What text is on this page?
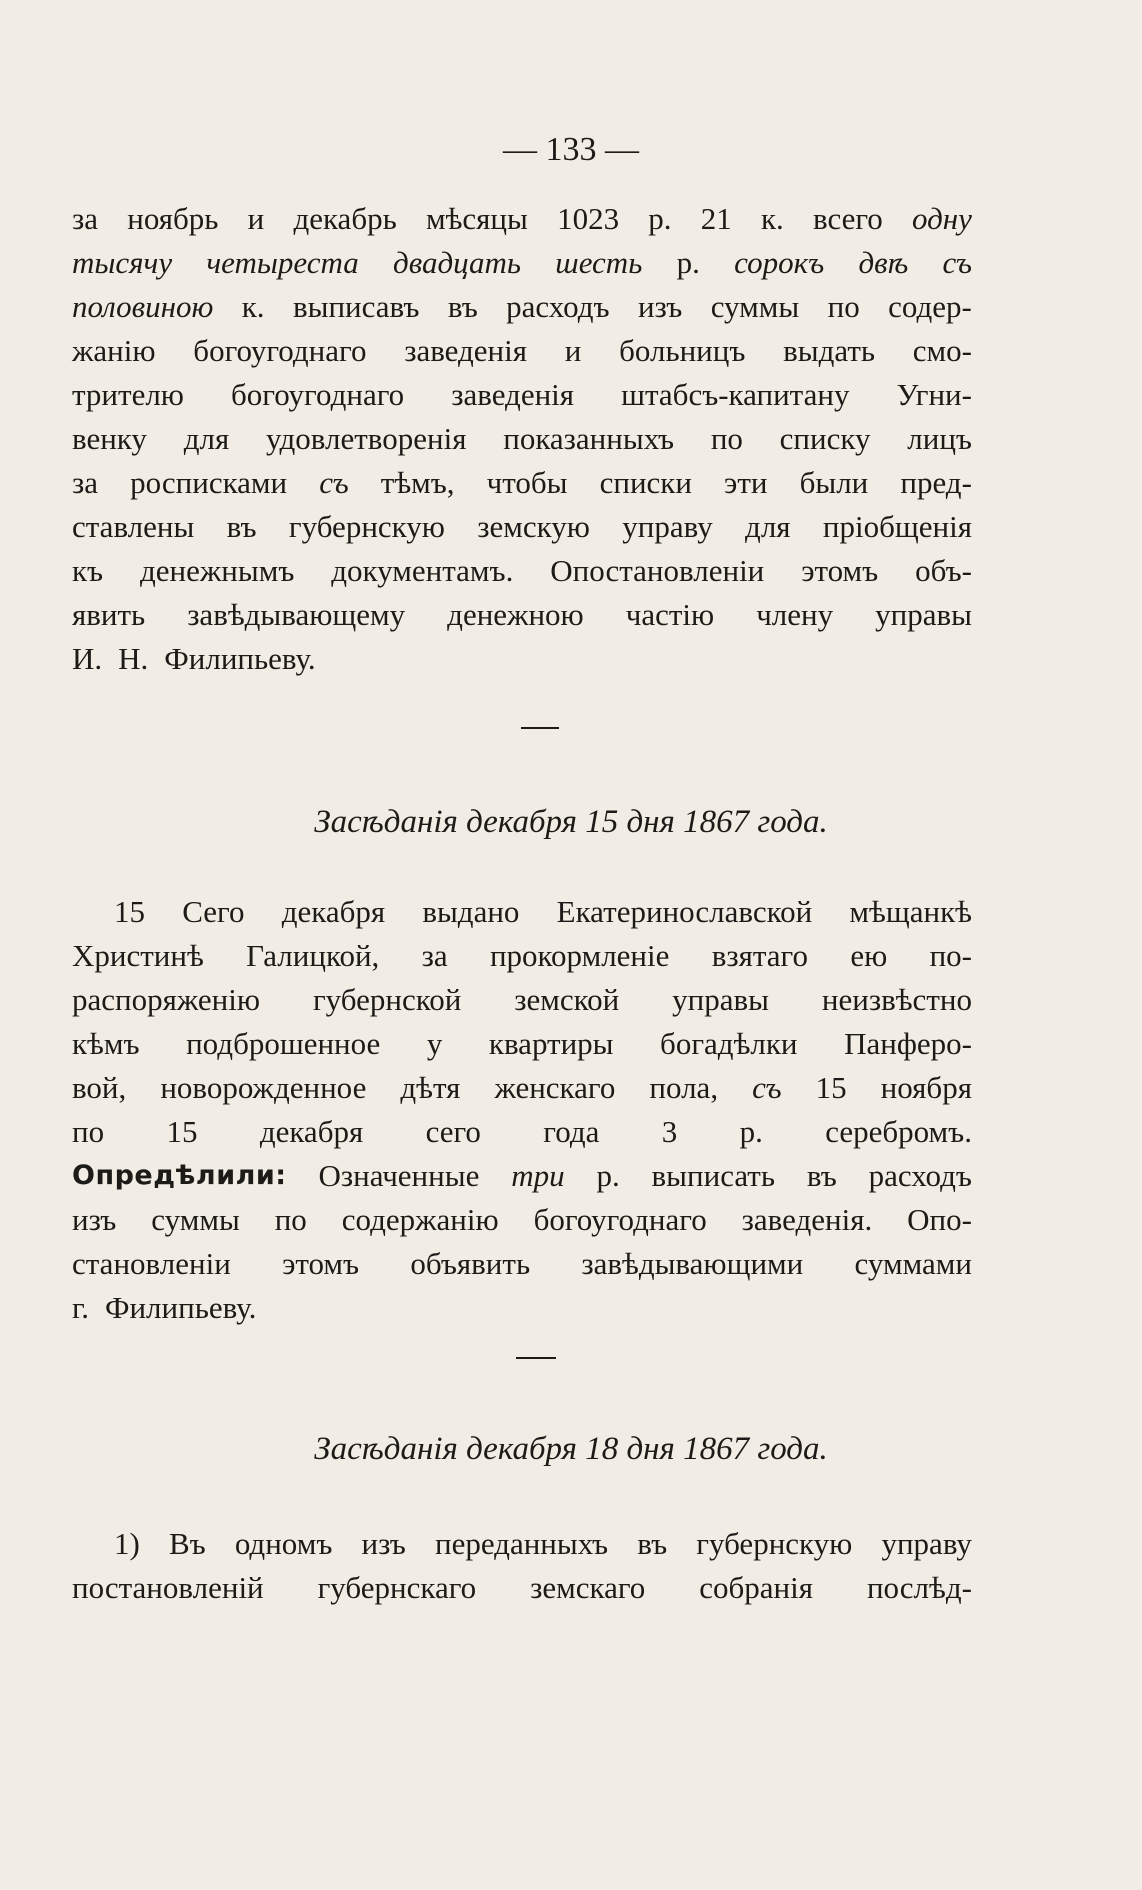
— 133 —
за ноябрь и декабрь мѣсяцы 1023 р. 21 к. всего одну
тысячу четыреста двадцать шесть р. сорокъ двѣ съ
половиною к. выписавъ въ расходъ изъ суммы по содер-
жанію богоугоднаго заведенія и больницъ выдать смо-
трителю богоугоднаго заведенія штабсъ-капитану Угни-
венку для удовлетворенія показанныхъ по списку лицъ
за росписками съ тѣмъ, чтобы списки эти были пред-
ставлены въ губернскую земскую управу для пріобщенія
къ денежнымъ документамъ. Опостановленіи этомъ объ-
явить завѣдывающему денежною частію члену управы
И. Н. Филипьеву.
Засѣданія декабря 15 дня 1867 года.
15 Сего декабря выдано Екатеринославской мѣщанкѣ
Христинѣ Галицкой, за прокормленіе взятаго ею по-
распоряженію губернской земской управы неизвѣстно
кѣмъ подброшенное у квартиры богадѣлки Панферо-
вой, новорожденное дѣтя женскаго пола, съ 15 ноября
по 15 декабря сего года 3 р. серебромъ.
Опредѣлили: Означенные три р. выписать въ расходъ
изъ суммы по содержанію богоугоднаго заведенія. Опо-
становленіи этомъ объявить завѣдывающими суммами
г. Филипьеву.
Засѣданія декабря 18 дня 1867 года.
1) Въ одномъ изъ переданныхъ въ губернскую управу
постановленій губернскаго земскаго собранія послѣд-
